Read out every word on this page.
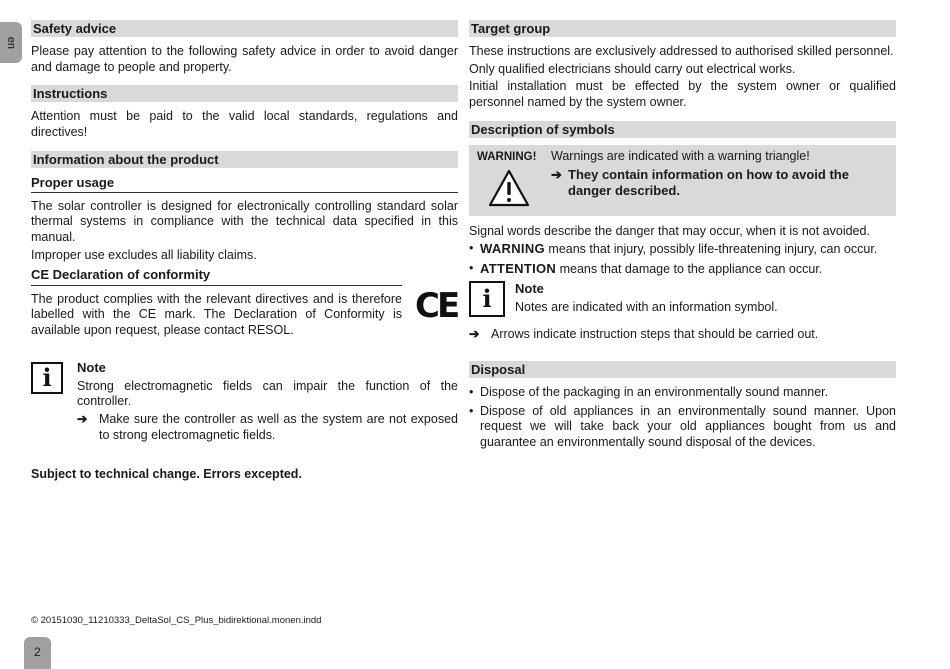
en
Safety advice

Please pay attention to the following safety advice in order to avoid danger and damage to people and property.

Instructions

Attention must be paid to the valid local standards, regulations and directives!

Information about the product
Proper usage

The solar controller is designed for electronically controlling standard solar thermal systems in compliance with the technical data specified in this manual.

Improper use excludes all liability claims.

CE Declaration of conformity

The product complies with the relevant directives and is therefore labelled with the CE mark. The Declaration of Conformity is available upon request, please contact RESOL.

CE
i	Note

Strong electromagnetic fields can impair the function of the controller.

➔ Make sure the controller as well as the system are not exposed to strong electromagnetic fields.

Subject to technical change. Errors excepted.

Target group

These instructions are exclusively addressed to authorised skilled personnel.

Only qualified electricians should carry out electrical works.

Initial installation must be effected by the system owner or qualified personnel named by the system owner.

Description of symbols
WARNING! Warnings are indicated with a warning triangle!
➔ They contain information on how to avoid the danger described.

Signal words describe the danger that may occur, when it is not avoided.

• WARNING means that injury, possibly life-threatening injury, can occur.
• ATTENTION means that damage to the appliance can occur.
i	Note

Notes are indicated with an information symbol.

➔ Arrows indicate instruction steps that should be carried out.
Disposal
• Dispose of the packaging in an environmentally sound manner.
• Dispose of old appliances in an environmentally sound manner. Upon request we will take back your old appliances bought from us and guarantee an environmentally sound disposal of the devices.
© 20151030_11210333_DeltaSol_CS_Plus_bidirektional.monen.indd
2
